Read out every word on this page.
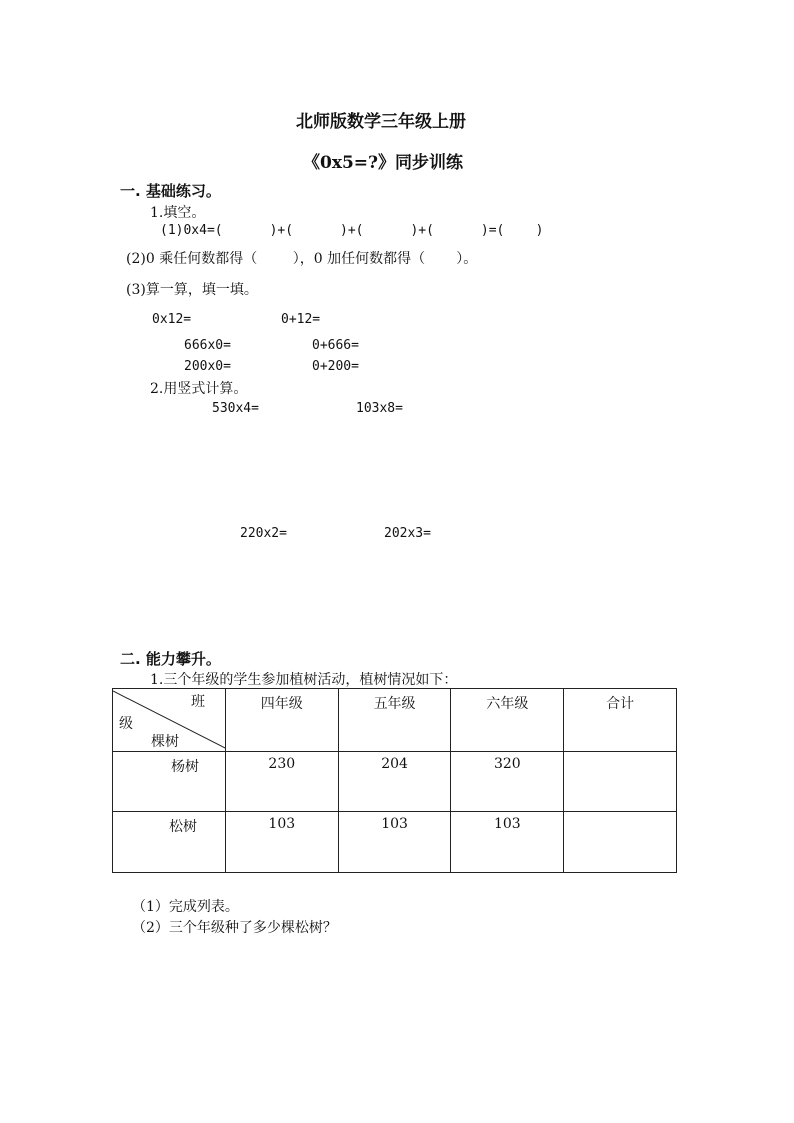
北师版数学三年级上册
《0x5=?》同步训练
一. 基础练习。
1.填空。
(1)0x4=(      )+(      )+(      )+(      )=(    )
(2)0 乘任何数都得（        ），0 加任何数都得（       ）。
(3)算一算，填一填。
0x12=	0+12=
666x0=	0+666=
200x0=	0+200=
2.用竖式计算。
530x4=	103x8=
220x2=	202x3=
二. 能力攀升。
1.三个年级的学生参加植树活动，植树情况如下：
班
级
棵树	四年级	五年级	六年级	合计

杨树	230	204	320	

松树	103	103	103	

（1）完成列表。
（2）三个年级种了多少棵松树？
